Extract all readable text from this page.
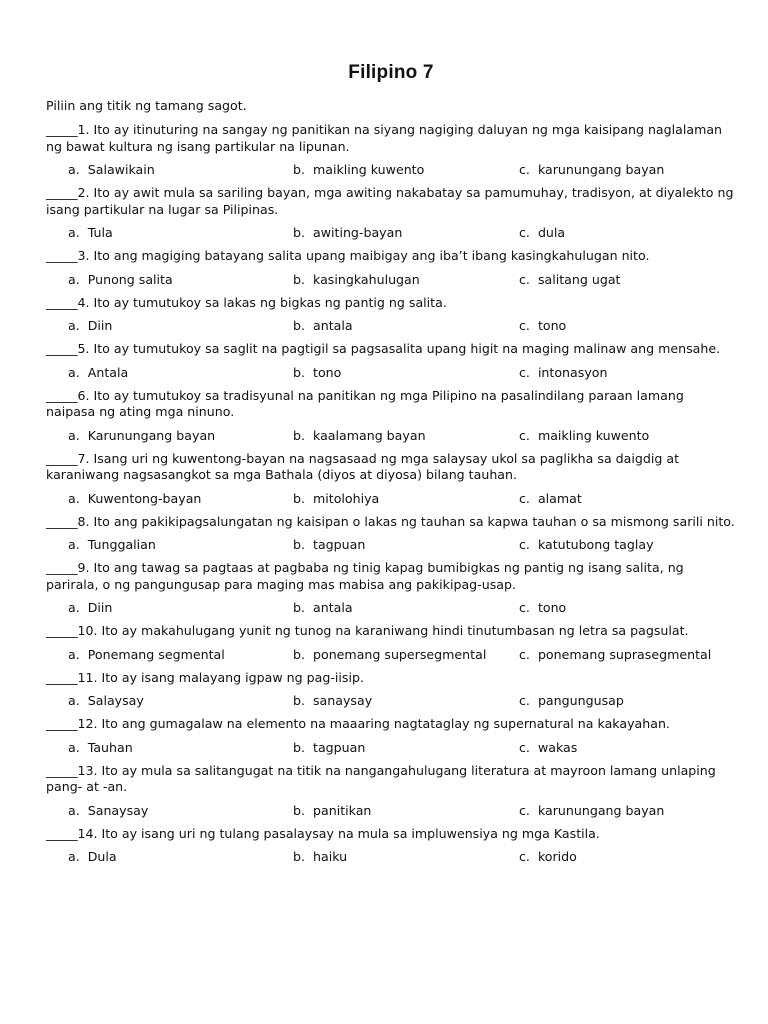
Filipino 7
Piliin ang titik ng tamang sagot.
_____1. Ito ay itinuturing na sangay ng panitikan na siyang nagiging daluyan ng mga kaisipang naglalaman ng bawat kultura ng isang partikular na lipunan.
a. Salawikain	b. maikling kuwento	c. karunungang bayan
_____2. Ito ay awit mula sa sariling bayan, mga awiting nakabatay sa pamumuhay, tradisyon, at diyalekto ng isang partikular na lugar sa Pilipinas.
a. Tula	b. awiting-bayan	c. dula
_____3. Ito ang magiging batayang salita upang maibigay ang iba’t ibang kasingkahulugan nito.
a. Punong salita	b. kasingkahulugan	c. salitang ugat
_____4. Ito ay tumutukoy sa lakas ng bigkas ng pantig ng salita.
a. Diin	b. antala	c. tono
_____5. Ito ay tumutukoy sa saglit na pagtigil sa pagsasalita upang higit na maging malinaw ang mensahe.
a. Antala	b. tono	c. intonasyon
_____6. Ito ay tumutukoy sa tradisyunal na panitikan ng mga Pilipino na pasalindilang paraan lamang naipasa ng ating mga ninuno.
a. Karunungang bayan	b. kaalamang bayan	c. maikling kuwento
_____7. Isang uri ng kuwentong-bayan na nagsasaad ng mga salaysay ukol sa paglikha sa daigdig at karaniwang nagsasangkot sa mga Bathala (diyos at diyosa) bilang tauhan.
a. Kuwentong-bayan	b. mitolohiya	c. alamat
_____8. Ito ang pakikipagsalungatan ng kaisipan o lakas ng tauhan sa kapwa tauhan o sa mismong sarili nito.
a. Tunggalian	b. tagpuan	c. katutubong taglay
_____9. Ito ang tawag sa pagtaas at pagbaba ng tinig kapag bumibigkas ng pantig ng isang salita, ng parirala, o ng pangungusap para maging mas mabisa ang pakikipag-usap.
a. Diin	b. antala	c. tono
_____10. Ito ay makahulugang yunit ng tunog na karaniwang hindi tinutumbasan ng letra sa pagsulat.
a. Ponemang segmental	b. ponemang supersegmental	c. ponemang suprasegmental
_____11. Ito ay isang malayang igpaw ng pag-iisip.
a. Salaysay	b. sanaysay	c. pangungusap
_____12. Ito ang gumagalaw na elemento na maaaring nagtataglay ng supernatural na kakayahan.
a. Tauhan	b. tagpuan	c. wakas
_____13. Ito ay mula sa salitangugat na titik na nangangahulugang literatura at mayroon lamang unlaping pang- at -an.
a. Sanaysay	b. panitikan	c. karunungang bayan
_____14. Ito ay isang uri ng tulang pasalaysay na mula sa impluwensiya ng mga Kastila.
a. Dula	b. haiku	c. korido
